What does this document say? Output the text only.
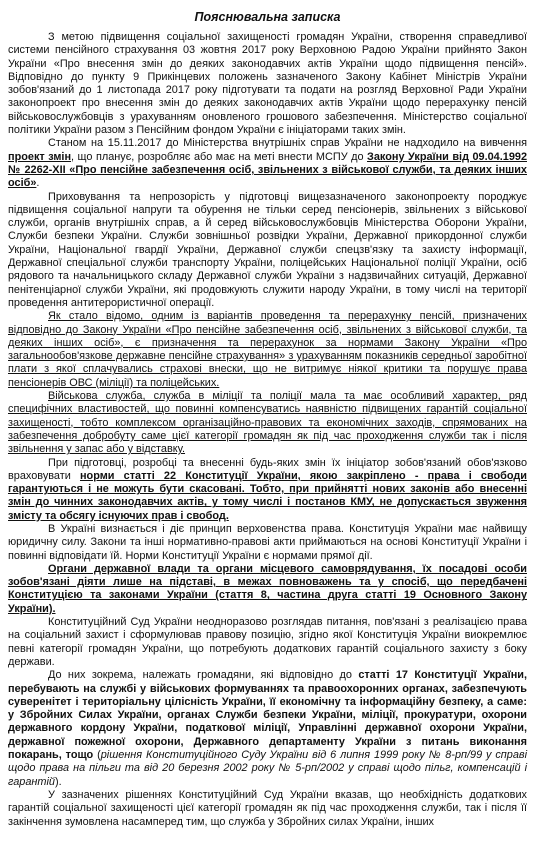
Пояснювальна записка

З метою підвищення соціальної захищеності громадян України, створення справедливої системи пенсійного страхування 03 жовтня 2017 року Верховною Радою України прийнято Закон України «Про внесення змін до деяких законодавчих актів України щодо підвищення пенсій». Відповідно до пункту 9 Прикінцевих положень зазначеного Закону Кабінет Міністрів України зобов'язаний до 1 листопада 2017 року підготувати та подати на розгляд Верховної Ради України законопроект про внесення змін до деяких законодавчих актів України щодо перерахунку пенсій військовослужбовців з урахуванням оновленого грошового забезпечення. Міністерство соціальної політики України разом з Пенсійним фондом України є ініціаторами таких змін.

Станом на 15.11.2017 до Міністерства внутрішніх справ України не надходило на вивчення проект змін, що планує, розробляє або має на меті внести МСПУ до Закону України від 09.04.1992 № 2262-XII «Про пенсійне забезпечення осіб, звільнених з військової служби, та деяких інших осіб».

Приховування та непрозорість у підготовці вищезазначеного законопроекту породжує підвищення соціальної напруги та обурення не тільки серед пенсіонерів, звільнених з військової служби, органів внутрішніх справ, а й серед військовослужбовців Міністерства Оборони України, Служби безпеки України. Служби зовнішньої розвідки України, Державної прикордонної служби України, Національної гвардії України, Державної служби спецзв'язку та захисту інформації, Державної спеціальної служби транспорту України, поліцейських Національної поліції України, осіб рядового та начальницького складу Державної служби України з надзвичайних ситуацій, Державної пенітенціарної служби України, які продовжують служити народу України, в тому числі на території проведення антитерористичної операції.

Як стало відомо, одним із варіантів проведення та перерахунку пенсій, призначених відповідно до Закону України «Про пенсійне забезпечення осіб, звільнених з військової служби, та деяких інших осіб», є призначення та перерахунок за нормами Закону України «Про загальнообов'язкове державне пенсійне страхування» з урахуванням показників середньої заробітної плати з якої сплачувались страхові внески, що не витримує ніякої критики та порушує права пенсіонерів ОВС (міліції) та поліцейських.

Військова служба, служба в міліції та поліції мала та має особливий характер, ряд специфічних властивостей, що повинні компенсуватись наявністю підвищених гарантій соціальної захищеності, тобто комплексом організаційно-правових та економічних заходів, спрямованих на забезпечення добробуту саме цієї категорії громадян як під час проходження служби так і після звільнення у запас або у відставку.

При підготовці, розробці та внесенні будь-яких змін їх ініціатор зобов'язаний обов'язково враховувати норми статті 22 Конституції України, якою закріплено - права і свободи гарантуються і не можуть бути скасовані. Тобто, при прийнятті нових законів або внесенні змін до чинних законодавчих актів, у тому числі і постанов КМУ, не допускається звуження змісту та обсягу існуючих прав і свобод.

В Україні визнається і діє принцип верховенства права. Конституція України має найвищу юридичну силу. Закони та інші нормативно-правові акти приймаються на основі Конституції України і повинні відповідати їй. Норми Конституції України є нормами прямої дії.

Органи державної влади та органи місцевого самоврядування, їх посадові особи зобов'язані діяти лише на підставі, в межах повноважень та у спосіб, що передбачені Конституцією та законами України (стаття 8, частина друга статті 19 Основного Закону України).

Конституційний Суд України неодноразово розглядав питання, пов'язані з реалізацією права на соціальний захист і сформулював правову позицію, згідно якої Конституція України виокремлює певні категорії громадян України, що потребують додаткових гарантій соціального захисту з боку держави.

До них зокрема, належать громадяни, які відповідно до статті 17 Конституції України, перебувають на службі у військових формуваннях та правоохоронних органах, забезпечують суверенітет і територіальну цілісність України, її економічну та інформаційну безпеку, а саме: у Збройних Силах України, органах Служби безпеки України, міліції, прокуратури, охорони державного кордону України, податкової міліції, Управлінні державної охорони України, державної пожежної охорони, Державного департаменту України з питань виконання покарань, тощо (рішення Конституційного Суду України від 6 липня 1999 року № 8-рп/99 у справі щодо права на пільги та від 20 березня 2002 року № 5-рп/2002 у справі щодо пільг, компенсацій і гарантій).

У зазначених рішеннях Конституційний Суд України вказав, що необхідність додаткових гарантій соціальної захищеності цієї категорії громадян як під час проходження служби, так і після її закінчення зумовлена насамперед тим, що служба у Збройних силах України, інших
